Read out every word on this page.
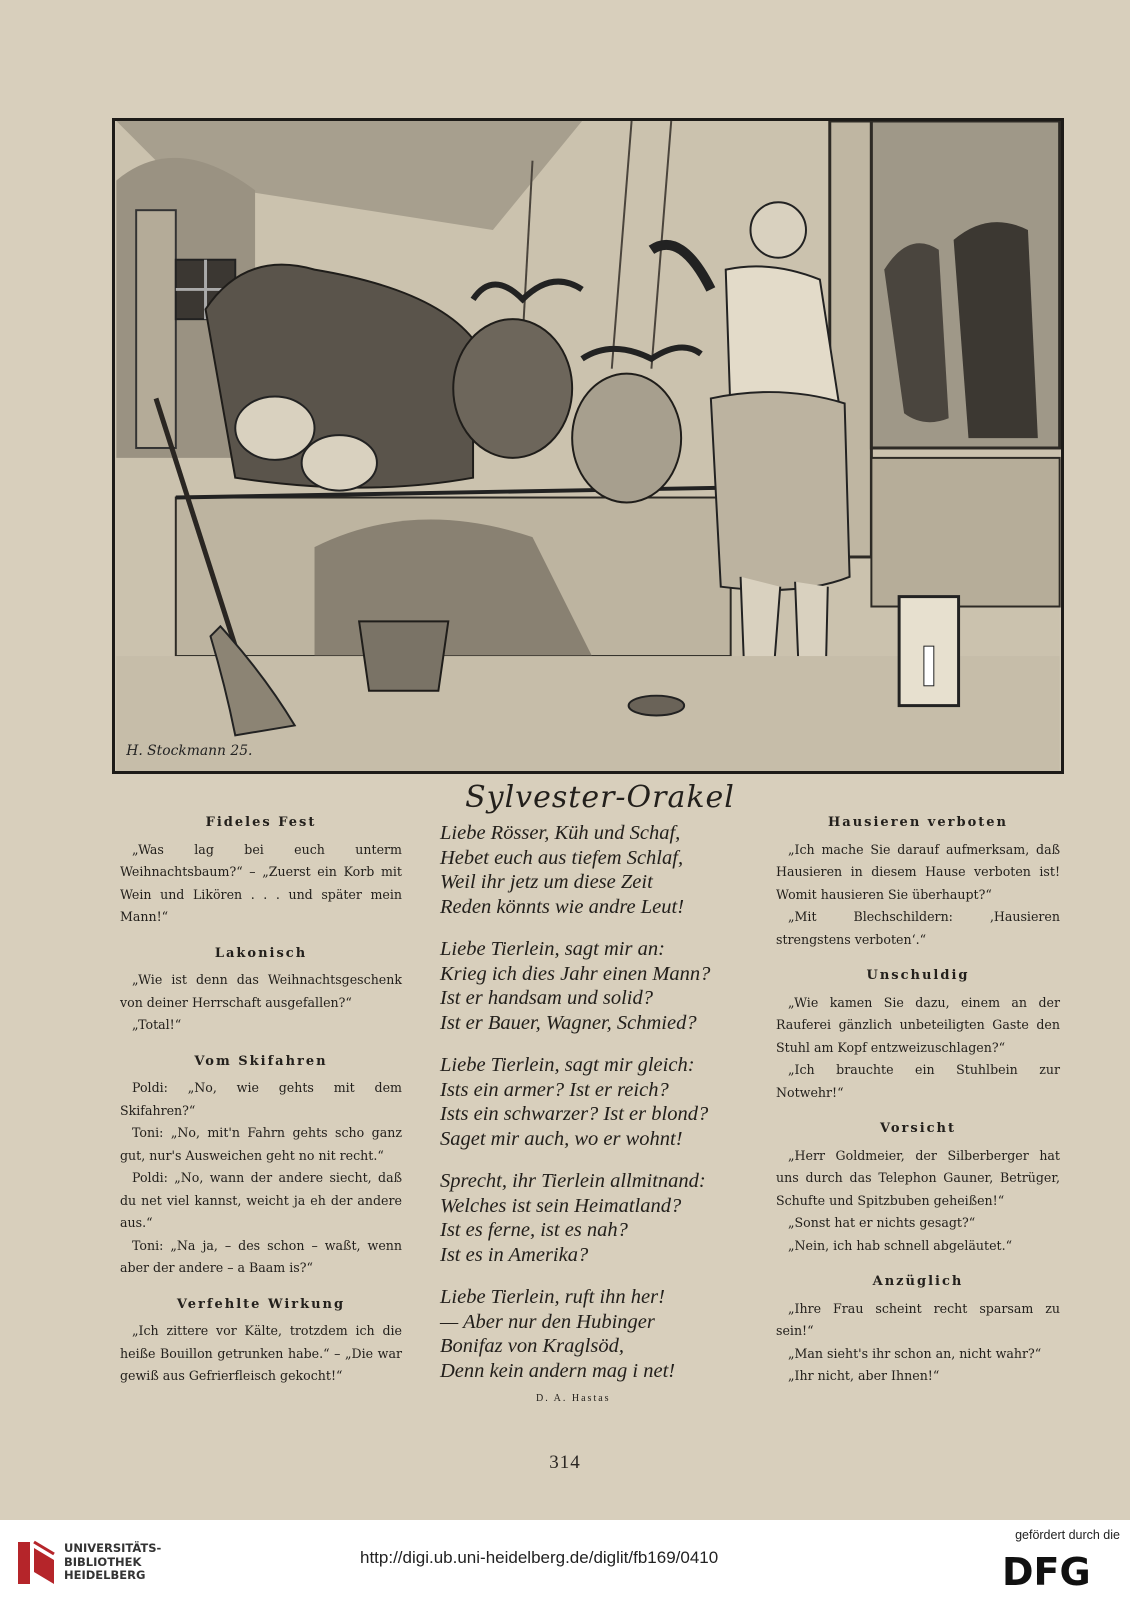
H. Stockmann 25.
Fideles Fest

„Was lag bei euch unterm Weihnachtsbaum?“ – „Zuerst ein Korb mit Wein und Likören . . . und später mein Mann!“

Lakonisch

„Wie ist denn das Weihnachtsgeschenk von deiner Herrschaft ausgefallen?“

„Total!“

Vom Skifahren

Poldi: „No, wie gehts mit dem Skifahren?“

Toni: „No, mit'n Fahrn gehts scho ganz gut, nur's Ausweichen geht no nit recht.“

Poldi: „No, wann der andere siecht, daß du net viel kannst, weicht ja eh der andere aus.“

Toni: „Na ja, – des schon – waßt, wenn aber der andere – a Baam is?“

Verfehlte Wirkung

„Ich zittere vor Kälte, trotzdem ich die heiße Bouillon getrunken habe.“ – „Die war gewiß aus Gefrierfleisch gekocht!“

Sylvester-Orakel

Liebe Rösser, Küh und Schaf,

Hebet euch aus tiefem Schlaf,

Weil ihr jetz um diese Zeit

Reden könnts wie andre Leut!

Liebe Tierlein, sagt mir an:

Krieg ich dies Jahr einen Mann?

Ist er handsam und solid?

Ist er Bauer, Wagner, Schmied?

Liebe Tierlein, sagt mir gleich:

Ists ein armer? Ist er reich?

Ists ein schwarzer? Ist er blond?

Saget mir auch, wo er wohnt!

Sprecht, ihr Tierlein allmitnand:

Welches ist sein Heimatland?

Ist es ferne, ist es nah?

Ist es in Amerika?

Liebe Tierlein, ruft ihn her!

— Aber nur den Hubinger

Bonifaz von Kraglsöd,

Denn kein andern mag i net!

D. A. Hastas
Hausieren verboten

„Ich mache Sie darauf aufmerksam, daß Hausieren in diesem Hause verboten ist! Womit hausieren Sie überhaupt?“

„Mit Blechschildern: ‚Hausieren strengstens verboten‘.“

Unschuldig

„Wie kamen Sie dazu, einem an der Rauferei gänzlich unbeteiligten Gaste den Stuhl am Kopf entzweizuschlagen?“

„Ich brauchte ein Stuhlbein zur Notwehr!“

Vorsicht

„Herr Goldmeier, der Silberberger hat uns durch das Telephon Gauner, Betrüger, Schufte und Spitzbuben geheißen!“

„Sonst hat er nichts gesagt?“

„Nein, ich hab schnell abgeläutet.“

Anzüglich

„Ihre Frau scheint recht sparsam zu sein!“

„Man sieht's ihr schon an, nicht wahr?“

„Ihr nicht, aber Ihnen!“

314
UNIVERSITÄTS-
BIBLIOTHEK
HEIDELBERG
http://digi.ub.uni-heidelberg.de/diglit/fb169/0410
gefördert durch die
DFG
